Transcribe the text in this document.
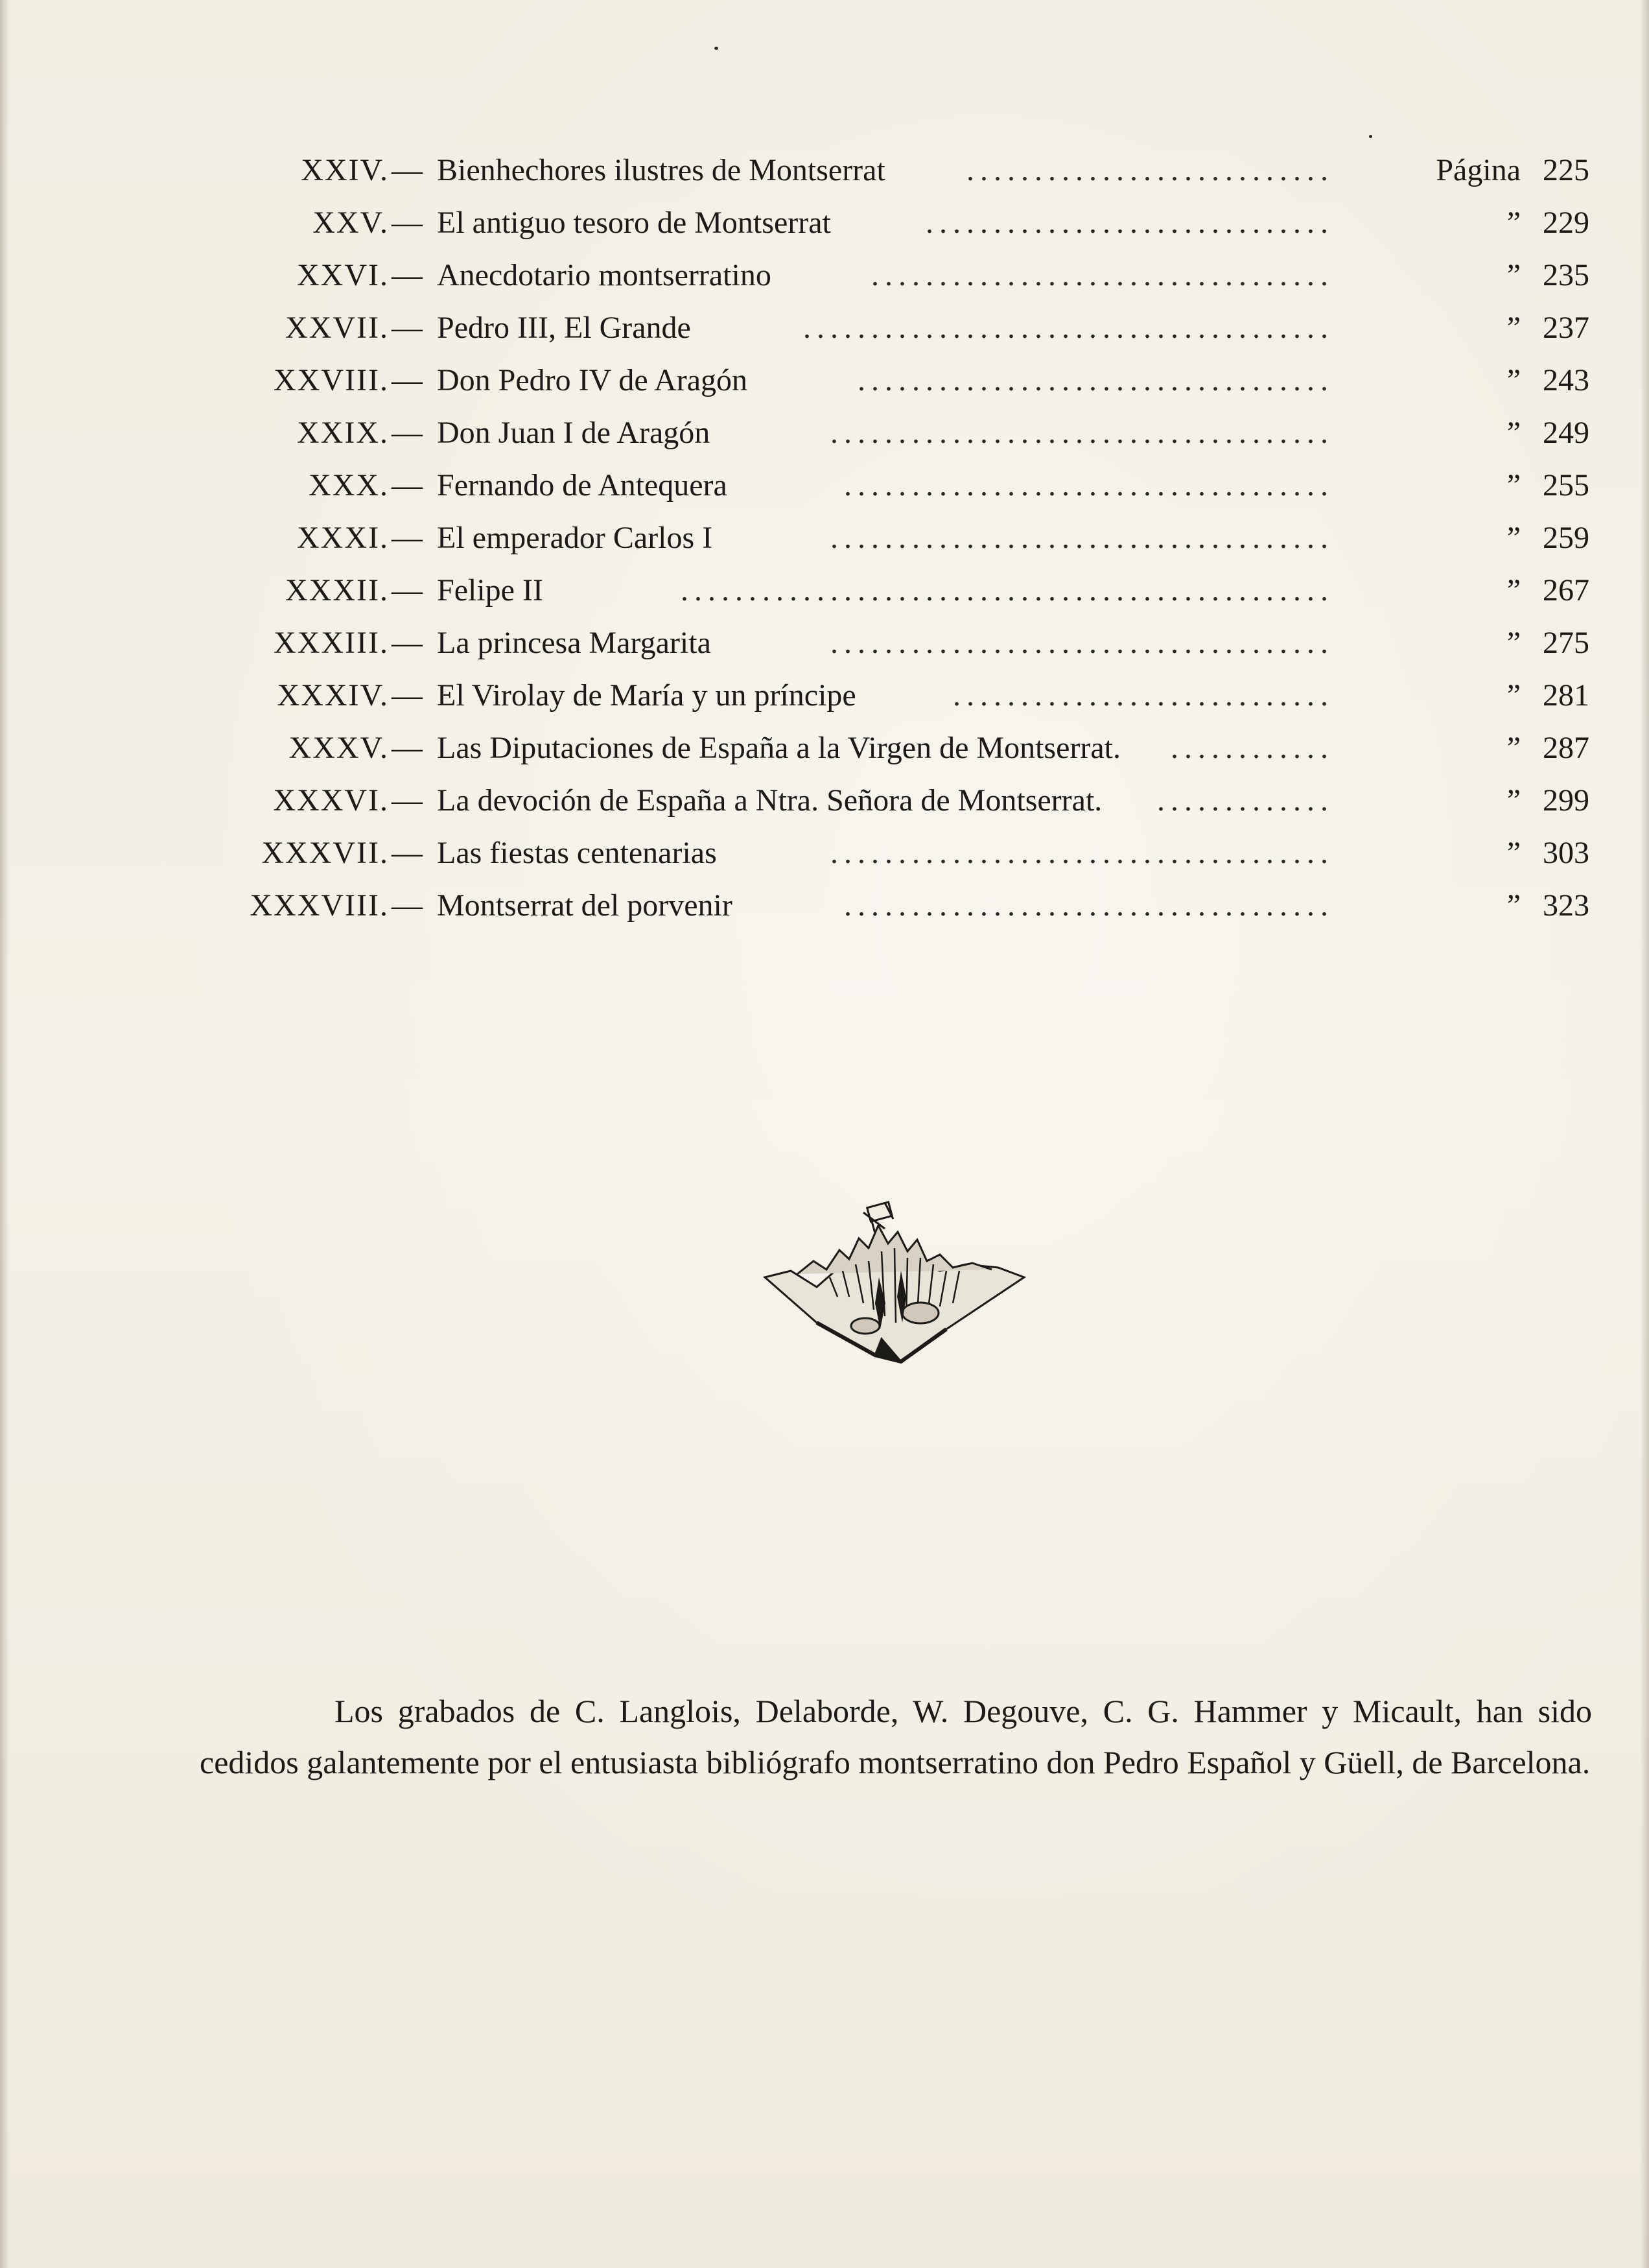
XXIV. — Bienhechores ilustres de Montserrat	Página 225
...........................
XXV. — El antiguo tesoro de Montserrat	” 229
..............................
XXVI. — Anecdotario montserratino	” 235
..................................
XXVII. — Pedro III, El Grande	” 237
.......................................
XXVIII. — Don Pedro IV de Aragón	” 243
...................................
XXIX. — Don Juan I de Aragón	” 249
.....................................
XXX. — Fernando de Antequera	” 255
....................................
XXXI. — El emperador Carlos I	” 259
.....................................
XXXII. — Felipe II	” 267
................................................
XXXIII. — La princesa Margarita	” 275
.....................................
XXXIV. — El Virolay de María y un príncipe	” 281
............................
XXXV. — Las Diputaciones de España a la Virgen de Montserrat.	” 287
............
XXXVI. — La devoción de España a Ntra. Señora de Montserrat.	” 299
.............
XXXVII. — Las fiestas centenarias	” 303
.....................................
XXXVIII. — Montserrat del porvenir	” 323
....................................

Los grabados de C. Langlois, Delaborde, W. Degouve, C. G. Hammer y Micault, han sido cedidos galantemente por el entusiasta bibliógrafo montserratino don Pedro Español y Güell, de Barcelona.
